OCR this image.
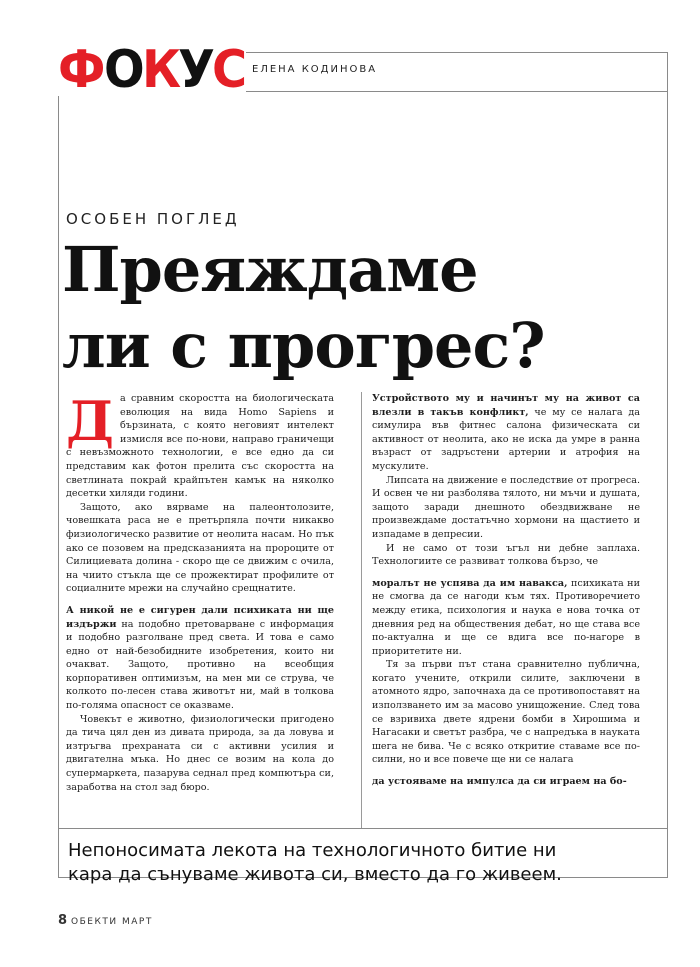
ФОКУС ЕЛЕНА КОДИНОВА
ОСОБЕН ПОГЛЕД
Преяждаме
ли с прогрес?

Да сравним скоростта на биологическата еволюция на вида Homo Sapiens и бързината, с която неговият интелект измисля все по-нови, направо граничещи с невъзможното технологии, е все едно да си представим как фотон прелита със скоростта на светлината покрай крайпътен камък на няколко десетки хиляди години.

Защото, ако вярваме на палеонтолозите, човешката раса не е претърпяла почти никакво физиологическо развитие от неолита насам. Но пък ако се позовем на предсказанията на пророците от Силициевата долина - скоро ще се движим с очила, на чиито стъкла ще се прожектират профилите от социалните мрежи на случайно срещнатите.

А никой не е сигурен дали психиката ни ще издържи на подобно претоварване с информация и подобно разголване пред света. И това е само едно от най-безобидните изобретения, които ни очакват. Защото, противно на всеобщия корпоративен оптимизъм, на мен ми се струва, че колкото по-лесен става животът ни, май в толкова по-голяма опасност се оказваме.

Човекът е животно, физиологически пригодено да тича цял ден из дивата природа, за да ловува и изтръгва прехраната си с активни усилия и двигателна мъка. Но днес се возим на кола до супермаркета, пазарува седнал пред компютъра си, заработва на стол зад бюро.

Устройството му и начинът му на живот са влезли в такъв конфликт, че му се налага да симулира във фитнес салона физическата си активност от неолита, ако не иска да умре в ранна възраст от задръстени артерии и атрофия на мускулите.

Липсата на движение е последствие от прогреса. И освен че ни разболява тялото, ни мъчи и душата, защото заради днешното обездвижване не произвеждаме достатъчно хормони на щастието и изпадаме в депресии.

И не само от този ъгъл ни дебне заплаха. Технологиите се развиват толкова бързо, че

моралът не успява да им навакса, психиката ни не смогва да се нагоди към тях. Противоречието между етика, психология и наука е нова точка от дневния ред на обществения дебат, но ще става все по-актуална и ще се вдига все по-нагоре в приоритетите ни.

Тя за първи път стана сравнително публична, когато учените, открили силите, заключени в атомното ядро, започнаха да се противопоставят на използването им за масово унищожение. След това се взривиха двете ядрени бомби в Хирошима и Нагасаки и светът разбра, че с напредъка в науката шега не бива. Че с всяко откритие ставаме все по-силни, но и все повече ще ни се налага

да устояваме на импулса да си играем на бо-

Непоносимата лекота на технологичното битие ни
кара да сънуваме живота си, вместо да го живеем.
8 ОБЕКТИ МАРТ
